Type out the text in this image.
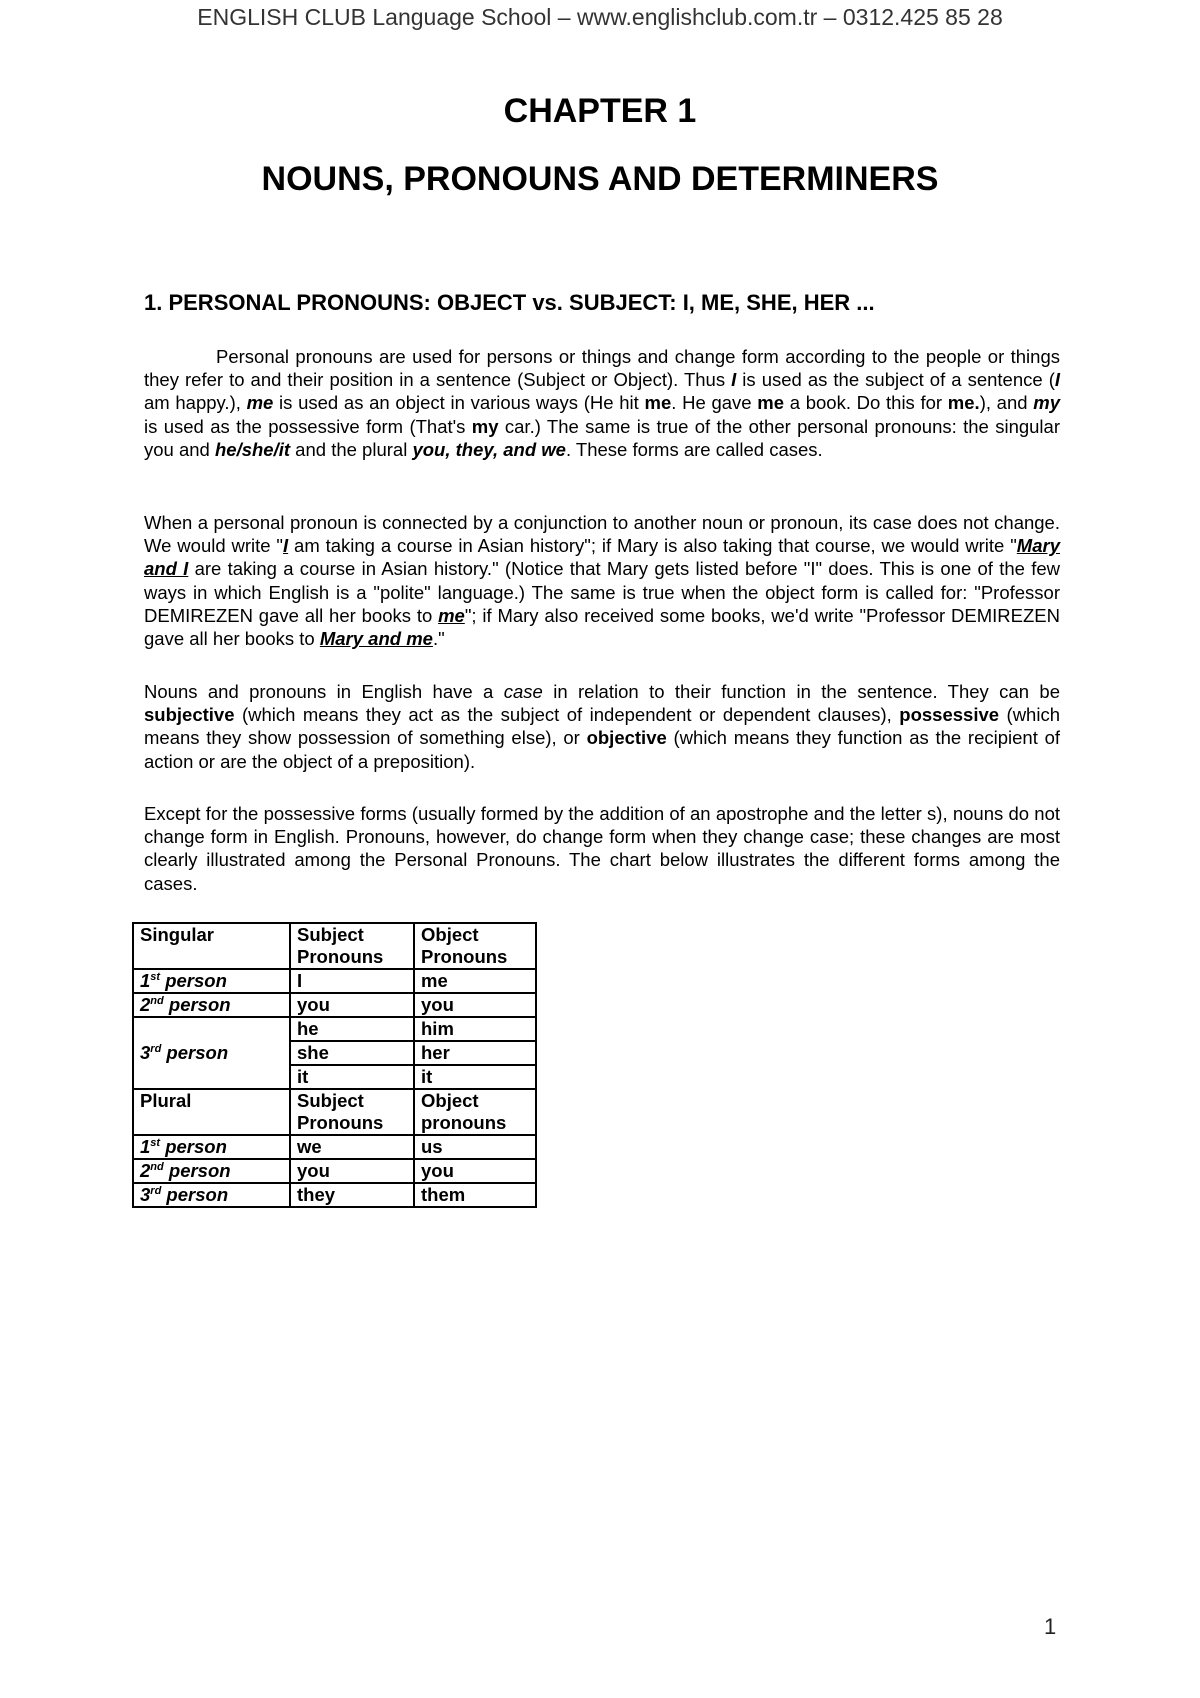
ENGLISH CLUB Language School – www.englishclub.com.tr – 0312.425 85 28
CHAPTER 1
NOUNS, PRONOUNS AND DETERMINERS
1. PERSONAL PRONOUNS: OBJECT vs. SUBJECT: I, ME, SHE, HER ...
Personal pronouns are used for persons or things and change form according to the people or things they refer to and their position in a sentence (Subject or Object). Thus I is used as the subject of a sentence (I am happy.), me is used as an object in various ways (He hit me. He gave me a book. Do this for me.), and my is used as the possessive form (That's my car.) The same is true of the other personal pronouns: the singular you and he/she/it and the plural you, they, and we. These forms are called cases.
When a personal pronoun is connected by a conjunction to another noun or pronoun, its case does not change. We would write "I am taking a course in Asian history"; if Mary is also taking that course, we would write "Mary and I are taking a course in Asian history." (Notice that Mary gets listed before "I" does. This is one of the few ways in which English is a "polite" language.) The same is true when the object form is called for: "Professor DEMIREZEN gave all her books to me"; if Mary also received some books, we'd write "Professor DEMIREZEN gave all her books to Mary and me."
Nouns and pronouns in English have a case in relation to their function in the sentence. They can be subjective (which means they act as the subject of independent or dependent clauses), possessive (which means they show possession of something else), or objective (which means they function as the recipient of action or are the object of a preposition).
Except for the possessive forms (usually formed by the addition of an apostrophe and the letter s), nouns do not change form in English. Pronouns, however, do change form when they change case; these changes are most clearly illustrated among the Personal Pronouns. The chart below illustrates the different forms among the cases.
Singular	Subject Pronouns	Object Pronouns
1st person	I	me
2nd person	you	you
3rd person	he	him
	she	her
	it	it
Plural	Subject Pronouns	Object pronouns
1st person	we	us
2nd person	you	you
3rd person	they	them
1
